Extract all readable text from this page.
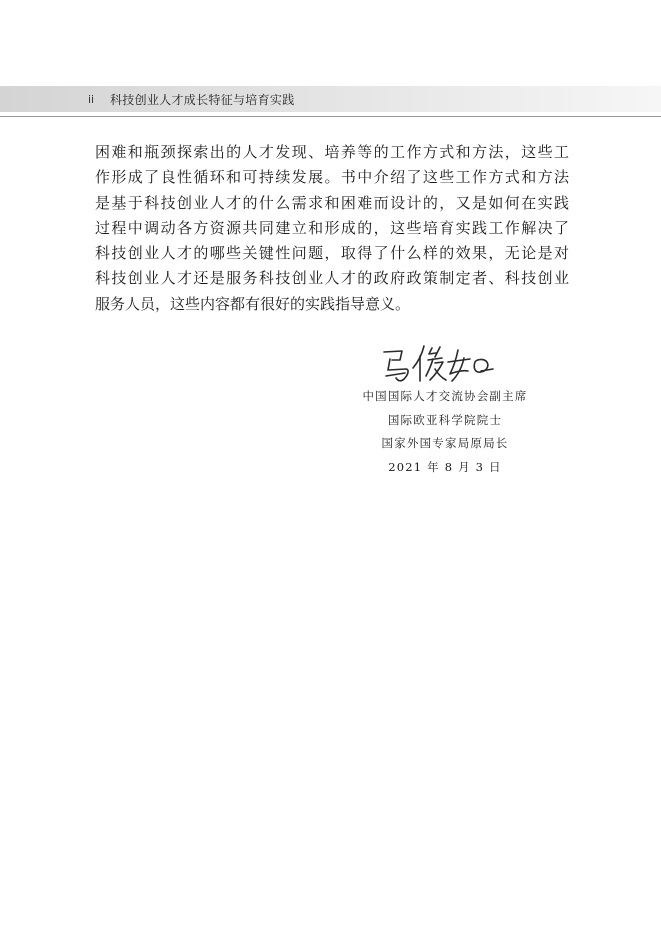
ii 科技创业人才成长特征与培育实践
困难和瓶颈探索出的人才发现、培养等的工作方式和方法，这些工
作形成了良性循环和可持续发展。书中介绍了这些工作方式和方法
是基于科技创业人才的什么需求和困难而设计的，又是如何在实践
过程中调动各方资源共同建立和形成的，这些培育实践工作解决了
科技创业人才的哪些关键性问题，取得了什么样的效果，无论是对
科技创业人才还是服务科技创业人才的政府政策制定者、科技创业
服务人员，这些内容都有很好的实践指导意义。
中国国际人才交流协会副主席
国际欧亚科学院院士
国家外国专家局原局长
2021 年 8 月 3 日
